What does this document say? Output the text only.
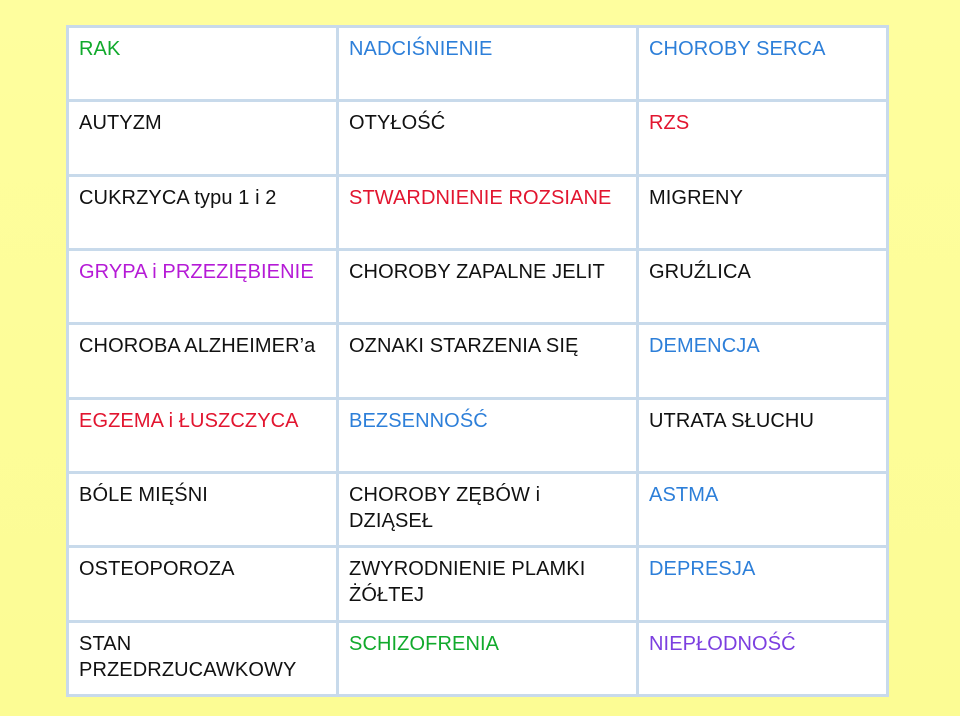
RAK	NADCIŚNIENIE	CHOROBY SERCA
AUTYZM	OTYŁOŚĆ	RZS
CUKRZYCA typu 1 i 2	STWARDNIENIE ROZSIANE	MIGRENY
GRYPA i PRZEZIĘBIENIE	CHOROBY ZAPALNE JELIT	GRUŹLICA
CHOROBA ALZHEIMER’a	OZNAKI STARZENIA SIĘ	DEMENCJA
EGZEMA i ŁUSZCZYCA	BEZSENNOŚĆ	UTRATA SŁUCHU
BÓLE MIĘŚNI	CHOROBY ZĘBÓW i DZIĄSEŁ	ASTMA
OSTEOPOROZA	ZWYRODNIENIE PLAMKI ŻÓŁTEJ	DEPRESJA
STAN PRZEDRZUCAWKOWY	SCHIZOFRENIA	NIEPŁODNOŚĆ
